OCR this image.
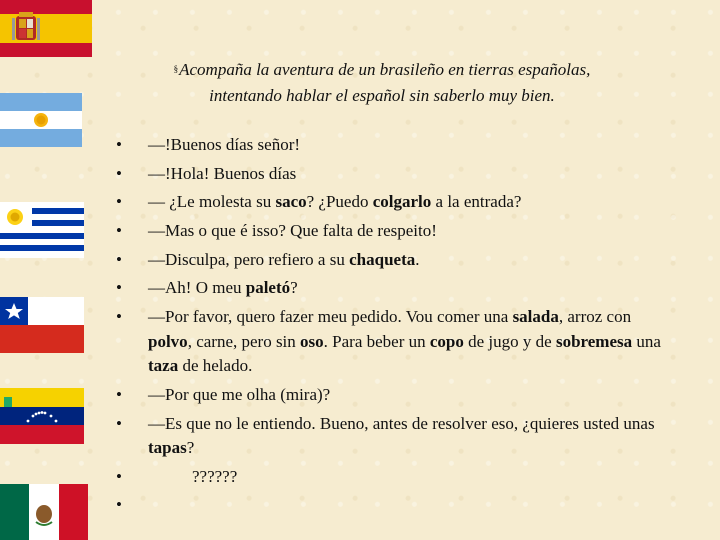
§Acompaña la aventura de un brasileño en tierras españolas,
intentando hablar el español sin saberlo muy bien.
• —!Buenos días señor!
• —!Hola! Buenos días
• — ¿Le molesta su saco? ¿Puedo colgarlo a la entrada?
• —Mas o que é isso? Que falta de respeito!
• —Disculpa, pero refiero a su chaqueta.
• —Ah! O meu paletó?
• —Por favor, quero fazer meu pedido. Vou comer una salada, arroz con polvo, carne, pero sin oso. Para beber un copo de jugo y de sobremesa una taza de helado.
• —Por que me olha (mira)?
• —Es que no le entiendo. Bueno, antes de resolver eso, ¿quieres usted unas tapas?
•	??????
•
